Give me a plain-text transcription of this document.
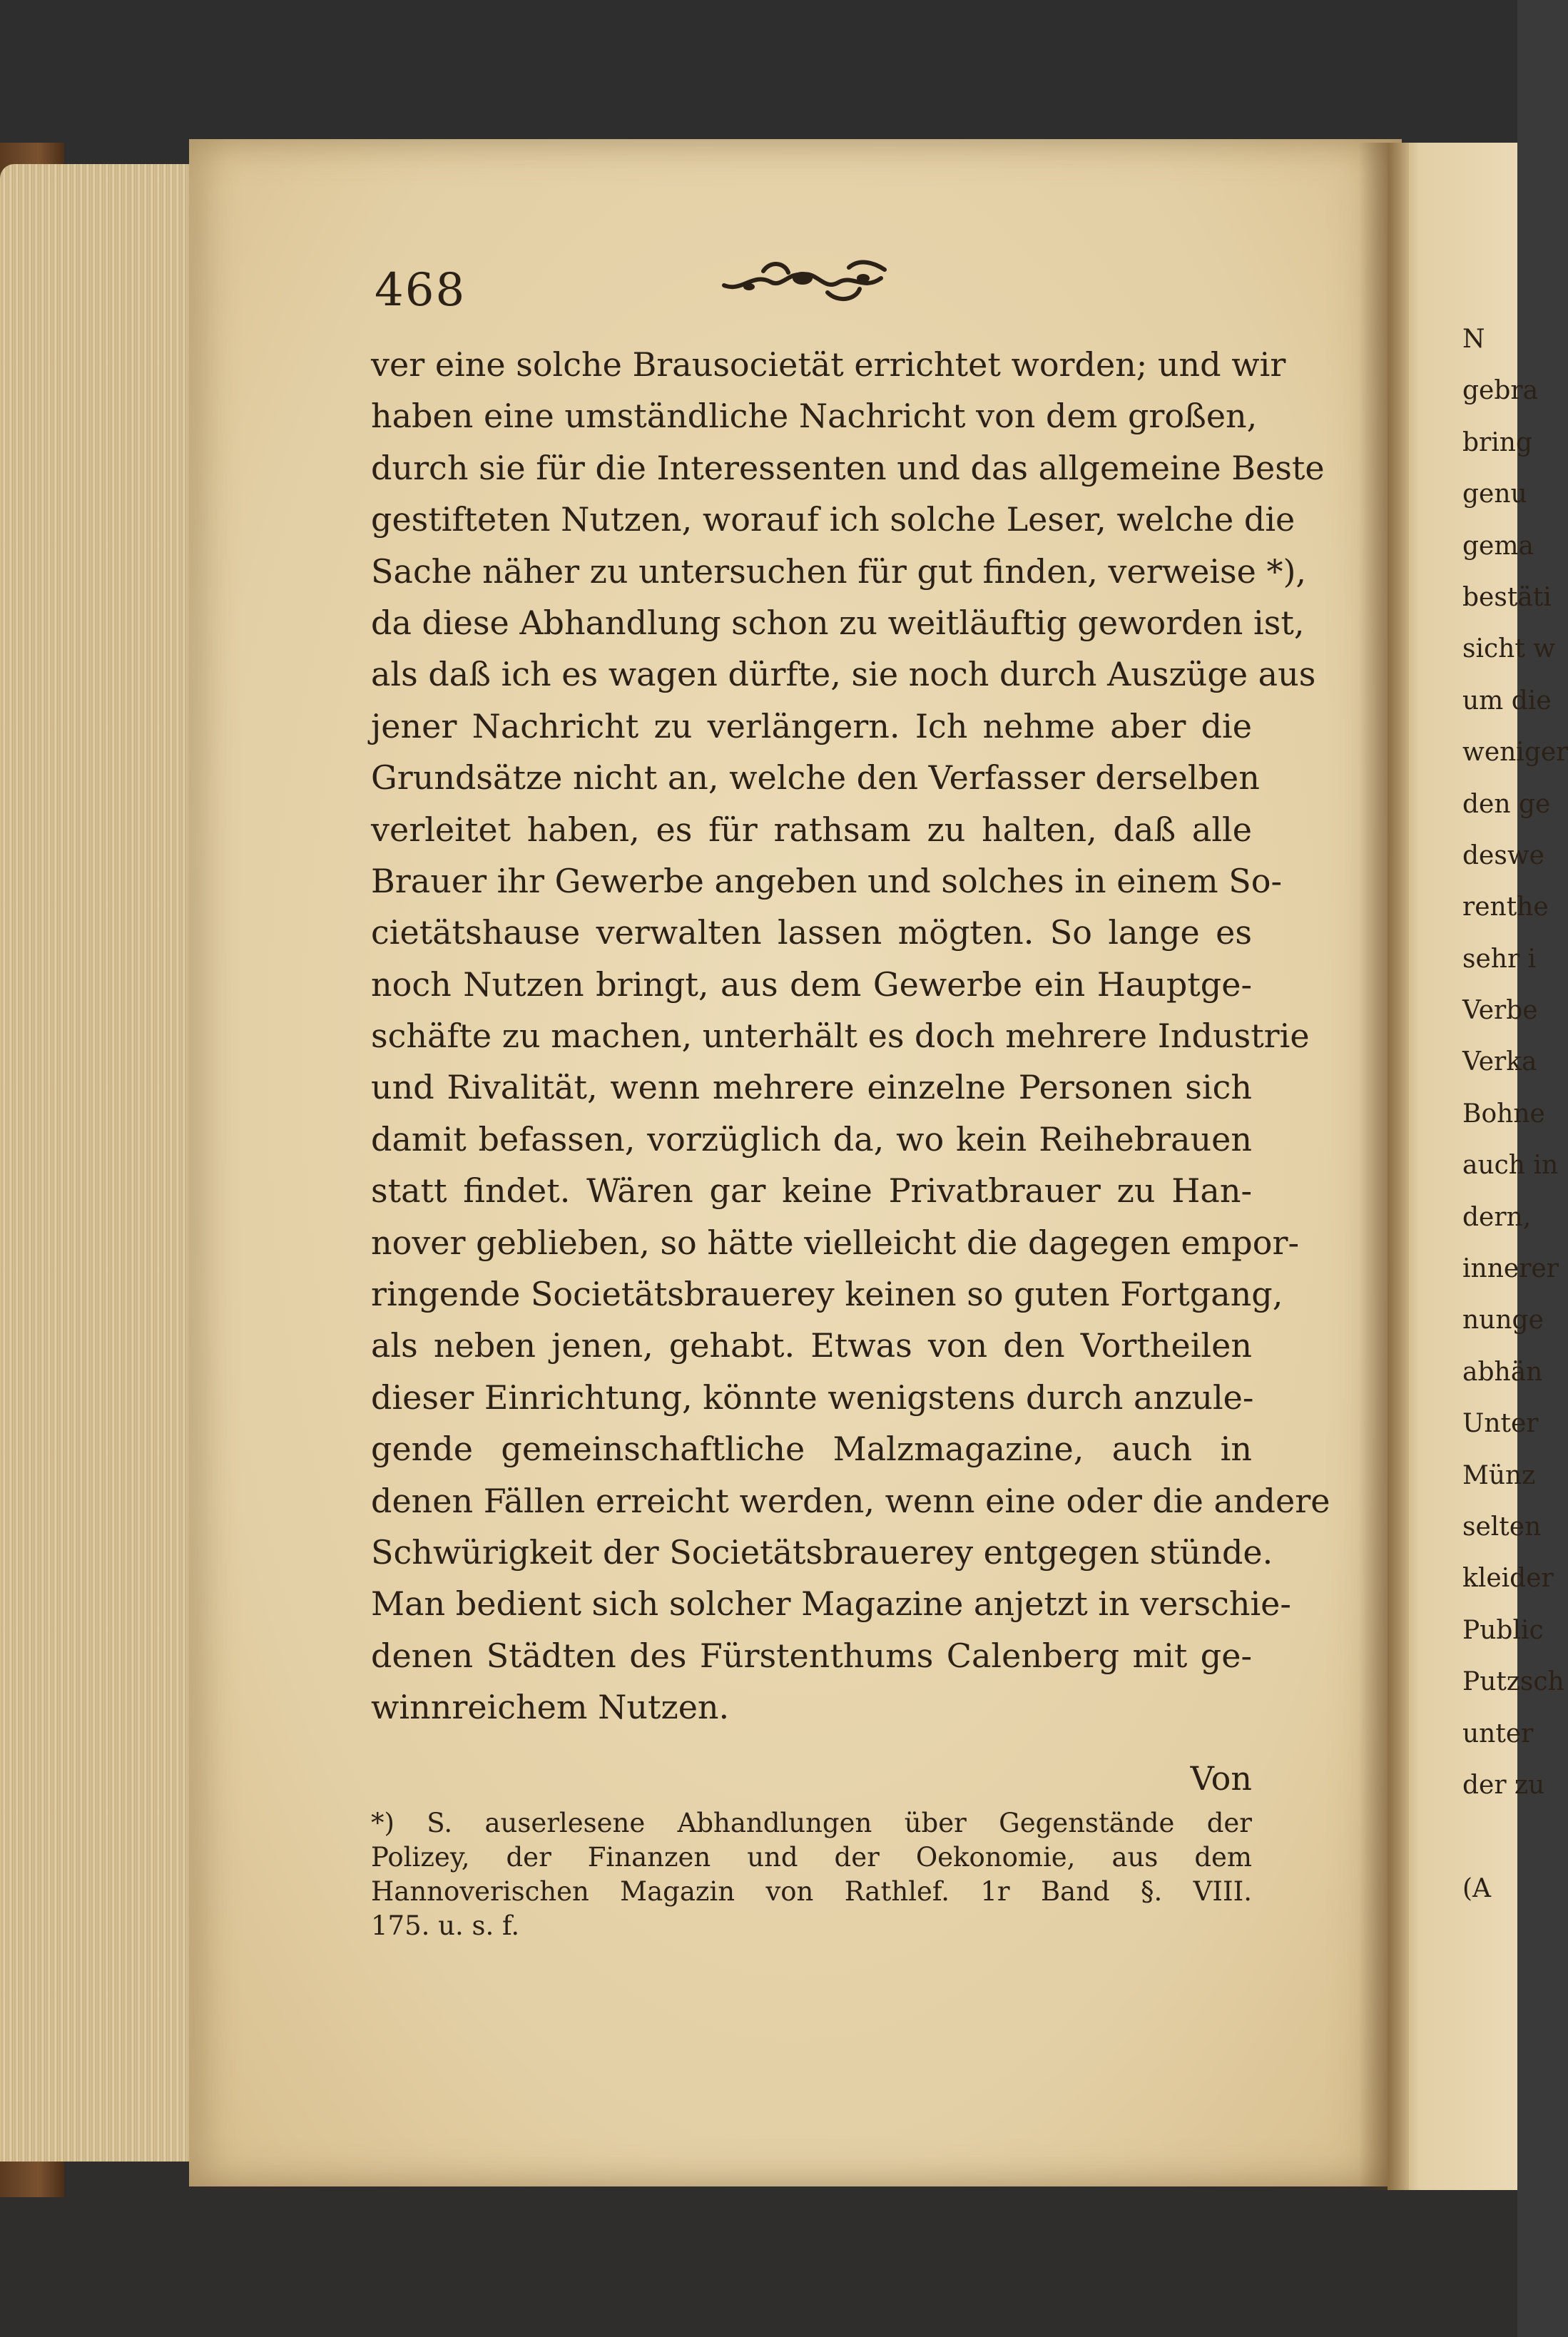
468
ver eine solche Brausocietät errichtet worden; und wir
haben eine umständliche Nachricht von dem großen,
durch sie für die Interessenten und das allgemeine Beste
gestifteten Nutzen, worauf ich solche Leser, welche die
Sache näher zu untersuchen für gut finden, verweise *),
da diese Abhandlung schon zu weitläuftig geworden ist,
als daß ich es wagen dürfte, sie noch durch Auszüge aus
jener Nachricht zu verlängern. Ich nehme aber die
Grundsätze nicht an, welche den Verfasser derselben
verleitet haben, es für rathsam zu halten, daß alle
Brauer ihr Gewerbe angeben und solches in einem So-
cietätshause verwalten lassen mögten. So lange es
noch Nutzen bringt, aus dem Gewerbe ein Hauptge-
schäfte zu machen, unterhält es doch mehrere Industrie
und Rivalität, wenn mehrere einzelne Personen sich
damit befassen, vorzüglich da, wo kein Reihebrauen
statt findet. Wären gar keine Privatbrauer zu Han-
nover geblieben, so hätte vielleicht die dagegen empor-
ringende Societätsbrauerey keinen so guten Fortgang,
als neben jenen, gehabt. Etwas von den Vortheilen
dieser Einrichtung, könnte wenigstens durch anzule-
gende gemeinschaftliche Malzmagazine, auch in
denen Fällen erreicht werden, wenn eine oder die andere
Schwürigkeit der Societätsbrauerey entgegen stünde.
Man bedient sich solcher Magazine anjetzt in verschie-
denen Städten des Fürstenthums Calenberg mit ge-
winnreichem Nutzen.
Von
*) S. auserlesene Abhandlungen über Gegenstände der
Polizey, der Finanzen und der Oekonomie, aus dem
Hannoverischen Magazin von Rathlef. 1r Band §. VIII.
175. u. s. f.
N
gebra
bring
genu
gema
bestäti
sicht w
um die
weniger
den ge
deswe
renthe
sehr i
Verbe
Verka
Bohne
auch in
dern,
innerer
nunge
abhän
Unter
Münz
selten
kleider
Public
Putzsch
unter
der zu
(A
